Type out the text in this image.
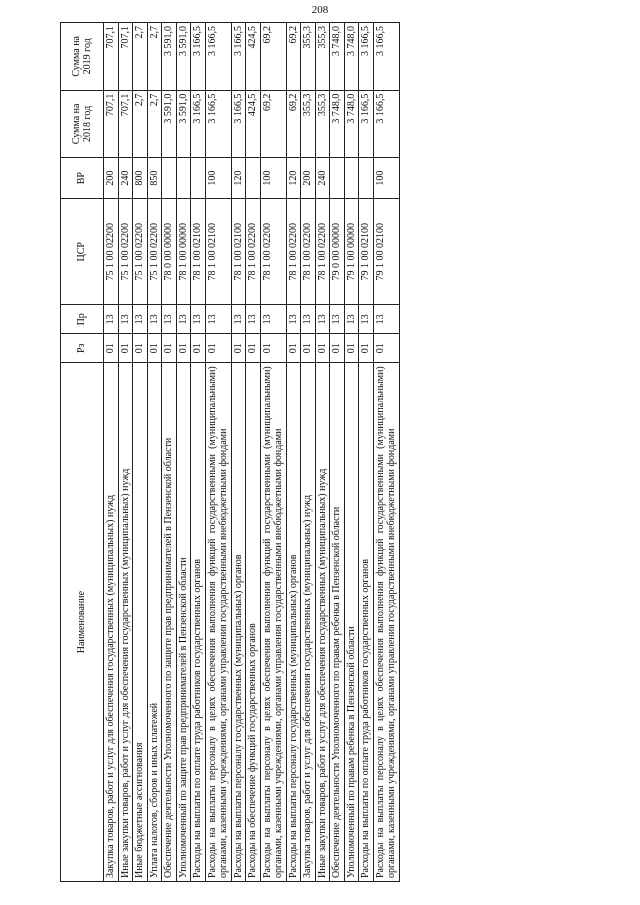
208
Наименование	Рз	Пр	ЦСР	ВР	Сумма на 2018 год	Сумма на 2019 год
Закупка товаров, работ и услуг для обеспечения государственных (муниципальных) нужд	01	13	75 1 00 02200	200	707,1	707,1
Иные закупки товаров, работ и услуг для обеспечения государственных (муниципальных) нужд	01	13	75 1 00 02200	240	707,1	707,1
Иные бюджетные ассигнования	01	13	75 1 00 02200	800	2,7	2,7
Уплата налогов, сборов и иных платежей	01	13	75 1 00 02200	850	2,7	2,7
Обеспечение деятельности Уполномоченного по защите прав предпринимателей в Пензенской области	01	13	78 0 00 00000		3 591,0	3 591,0
Уполномоченный по защите прав предпринимателей в Пензенской области	01	13	78 1 00 00000		3 591,0	3 591,0
Расходы на выплаты по оплате труда работников государственных органов	01	13	78 1 00 02100		3 166,5	3 166,5
Расходы на выплаты персоналу в целях обеспечения выполнения функций государственными (муниципальными) органами, казенными учреждениями, органами управления государственными внебюджетными фондами	01	13	78 1 00 02100	100	3 166,5	3 166,5
Расходы на выплаты персоналу государственных (муниципальных) органов	01	13	78 1 00 02100	120	3 166,5	3 166,5
Расходы на обеспечение функций государственных органов	01	13	78 1 00 02200		424,5	424,5
Расходы на выплаты персоналу в целях обеспечения выполнения функций государственными (муниципальными) органами, казенными учреждениями, органами управления государственными внебюджетными фондами	01	13	78 1 00 02200	100	69,2	69,2
Расходы на выплаты персоналу государственных (муниципальных) органов	01	13	78 1 00 02200	120	69,2	69,2
Закупка товаров, работ и услуг для обеспечения государственных (муниципальных) нужд	01	13	78 1 00 02200	200	355,3	355,3
Иные закупки товаров, работ и услуг для обеспечения государственных (муниципальных) нужд	01	13	78 1 00 02200	240	355,3	355,3
Обеспечение деятельности Уполномоченного по правам ребенка в Пензенской области	01	13	79 0 00 00000		3 748,0	3 748,0
Уполномоченный по правам ребенка в Пензенской области	01	13	79 1 00 00000		3 748,0	3 748,0
Расходы на выплаты по оплате труда работников государственных органов	01	13	79 1 00 02100		3 166,5	3 166,5
Расходы на выплаты персоналу в целях обеспечения выполнения функций государственными (муниципальными) органами, казенными учреждениями, органами управления государственными внебюджетными фондами	01	13	79 1 00 02100	100	3 166,5	3 166,5
